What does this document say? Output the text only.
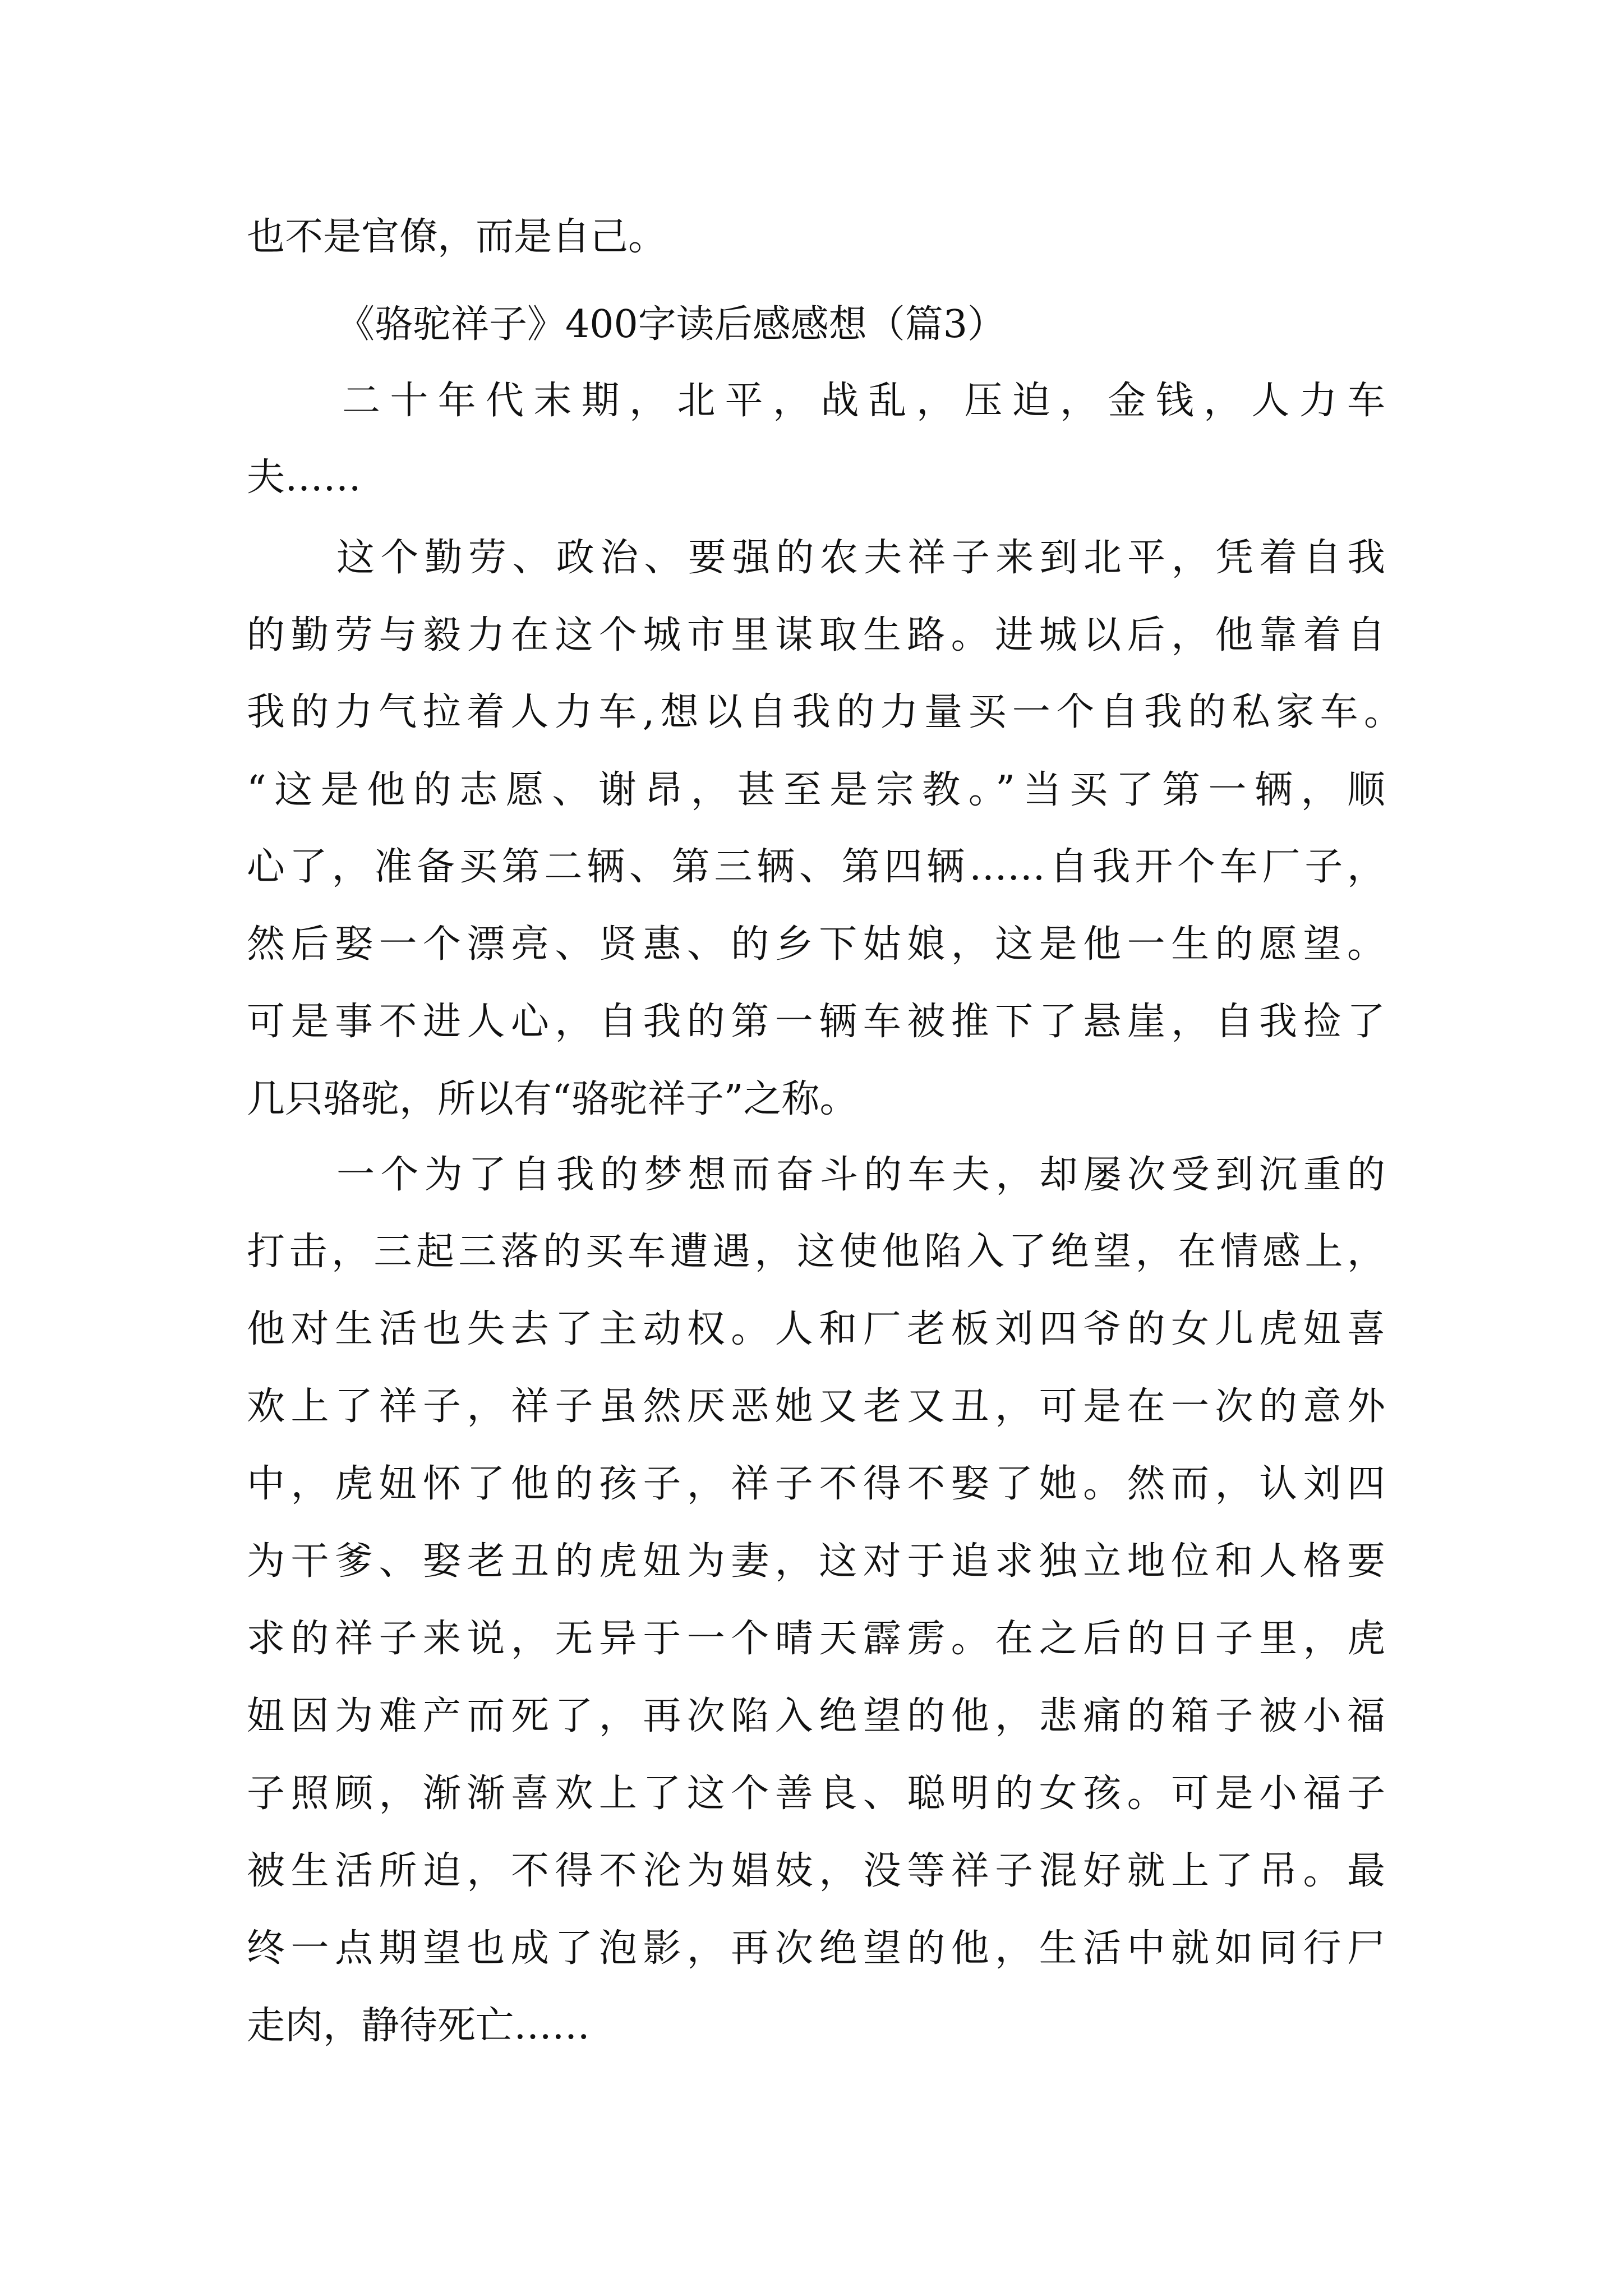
也不是官僚，而是自己。
《骆驼祥子》400字读后感感想（篇3）
二十年代末期，北平，战乱，压迫，金钱，人力车
夫……
这个勤劳、政治、要强的农夫祥子来到北平，凭着自我
的勤劳与毅力在这个城市里谋取生路。进城以后，他靠着自
我的力气拉着人力车,想以自我的力量买一个自我的私家车。
“这是他的志愿、谢昂，甚至是宗教。”当买了第一辆，顺
心了，准备买第二辆、第三辆、第四辆……自我开个车厂子，
然后娶一个漂亮、贤惠、的乡下姑娘，这是他一生的愿望。
可是事不进人心，自我的第一辆车被推下了悬崖，自我捡了
几只骆驼，所以有“骆驼祥子”之称。
一个为了自我的梦想而奋斗的车夫，却屡次受到沉重的
打击，三起三落的买车遭遇，这使他陷入了绝望，在情感上，
他对生活也失去了主动权。人和厂老板刘四爷的女儿虎妞喜
欢上了祥子，祥子虽然厌恶她又老又丑，可是在一次的意外
中，虎妞怀了他的孩子，祥子不得不娶了她。然而，认刘四
为干爹、娶老丑的虎妞为妻，这对于追求独立地位和人格要
求的祥子来说，无异于一个晴天霹雳。在之后的日子里，虎
妞因为难产而死了，再次陷入绝望的他，悲痛的箱子被小福
子照顾，渐渐喜欢上了这个善良、聪明的女孩。可是小福子
被生活所迫，不得不沦为娼妓，没等祥子混好就上了吊。最
终一点期望也成了泡影，再次绝望的他，生活中就如同行尸
走肉，静待死亡……
